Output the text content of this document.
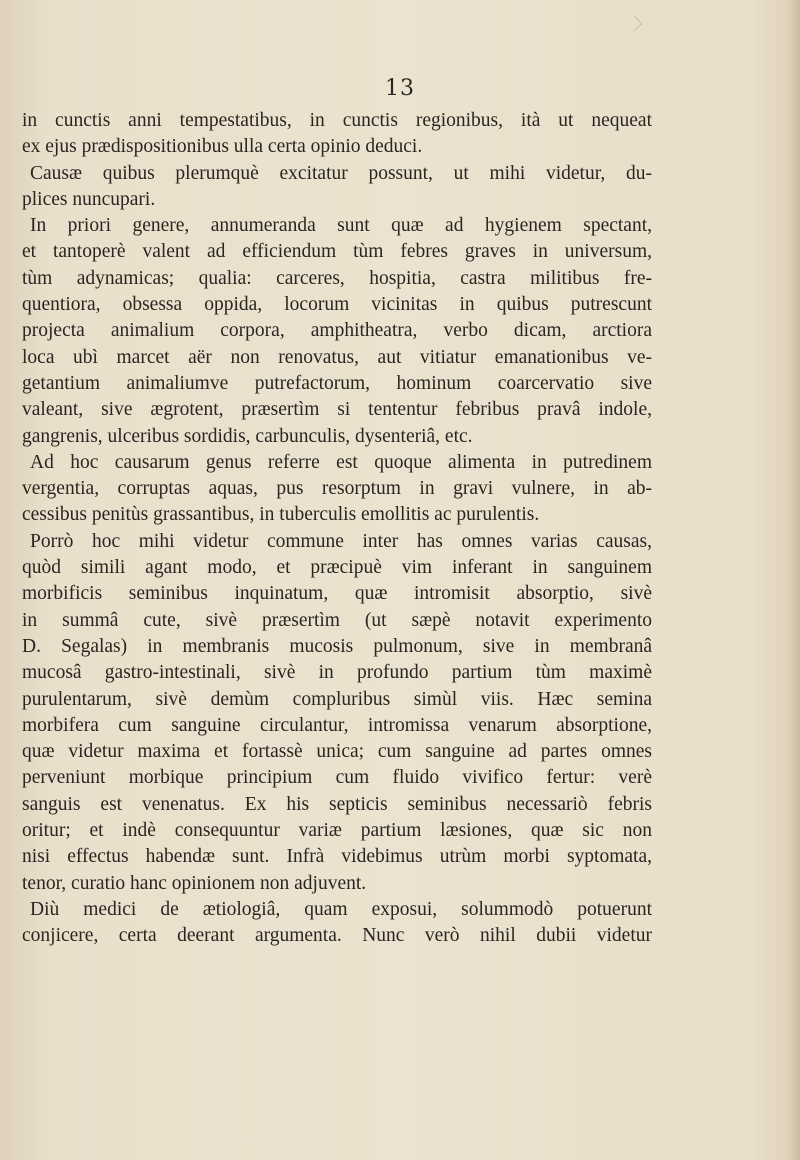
13
in cunctis anni tempestatibus, in cunctis regionibus, ità ut nequeat
ex ejus prædispositionibus ulla certa opinio deduci.
Causæ quibus plerumquè excitatur possunt, ut mihi videtur, du-
plices nuncupari.
In priori genere, annumeranda sunt quæ ad hygienem spectant,
et tantoperè valent ad efficiendum tùm febres graves in universum,
tùm adynamicas; qualia: carceres, hospitia, castra militibus fre-
quentiora, obsessa oppida, locorum vicinitas in quibus putrescunt
projecta animalium corpora, amphitheatra, verbo dicam, arctiora
loca ubì marcet aër non renovatus, aut vitiatur emanationibus ve-
getantium animaliumve putrefactorum, hominum coarcervatio sive
valeant, sive ægrotent, præsertìm si tententur febribus pravâ indole,
gangrenis, ulceribus sordidis, carbunculis, dysenteriâ, etc.
Ad hoc causarum genus referre est quoque alimenta in putredinem
vergentia, corruptas aquas, pus resorptum in gravi vulnere, in ab-
cessibus penitùs grassantibus, in tuberculis emollitis ac purulentis.
Porrò hoc mihi videtur commune inter has omnes varias causas,
quòd simili agant modo, et præcipuè vim inferant in sanguinem
morbificis seminibus inquinatum, quæ intromisit absorptio, sivè
in summâ cute, sivè præsertìm (ut sæpè notavit experimento
D. Segalas) in membranis mucosis pulmonum, sive in membranâ
mucosâ gastro-intestinali, sivè in profundo partium tùm maximè
purulentarum, sivè demùm compluribus simùl viis. Hæc semina
morbifera cum sanguine circulantur, intromissa venarum absorptione,
quæ videtur maxima et fortassè unica; cum sanguine ad partes omnes
perveniunt morbique principium cum fluido vivifico fertur: verè
sanguis est venenatus. Ex his septicis seminibus necessariò febris
oritur; et indè consequuntur variæ partium læsiones, quæ sic non
nisi effectus habendæ sunt. Infrà videbimus utrùm morbi syptomata,
tenor, curatio hanc opinionem non adjuvent.
Diù medici de ætiologiâ, quam exposui, solummodò potuerunt
conjicere, certa deerant argumenta. Nunc verò nihil dubii videtur
